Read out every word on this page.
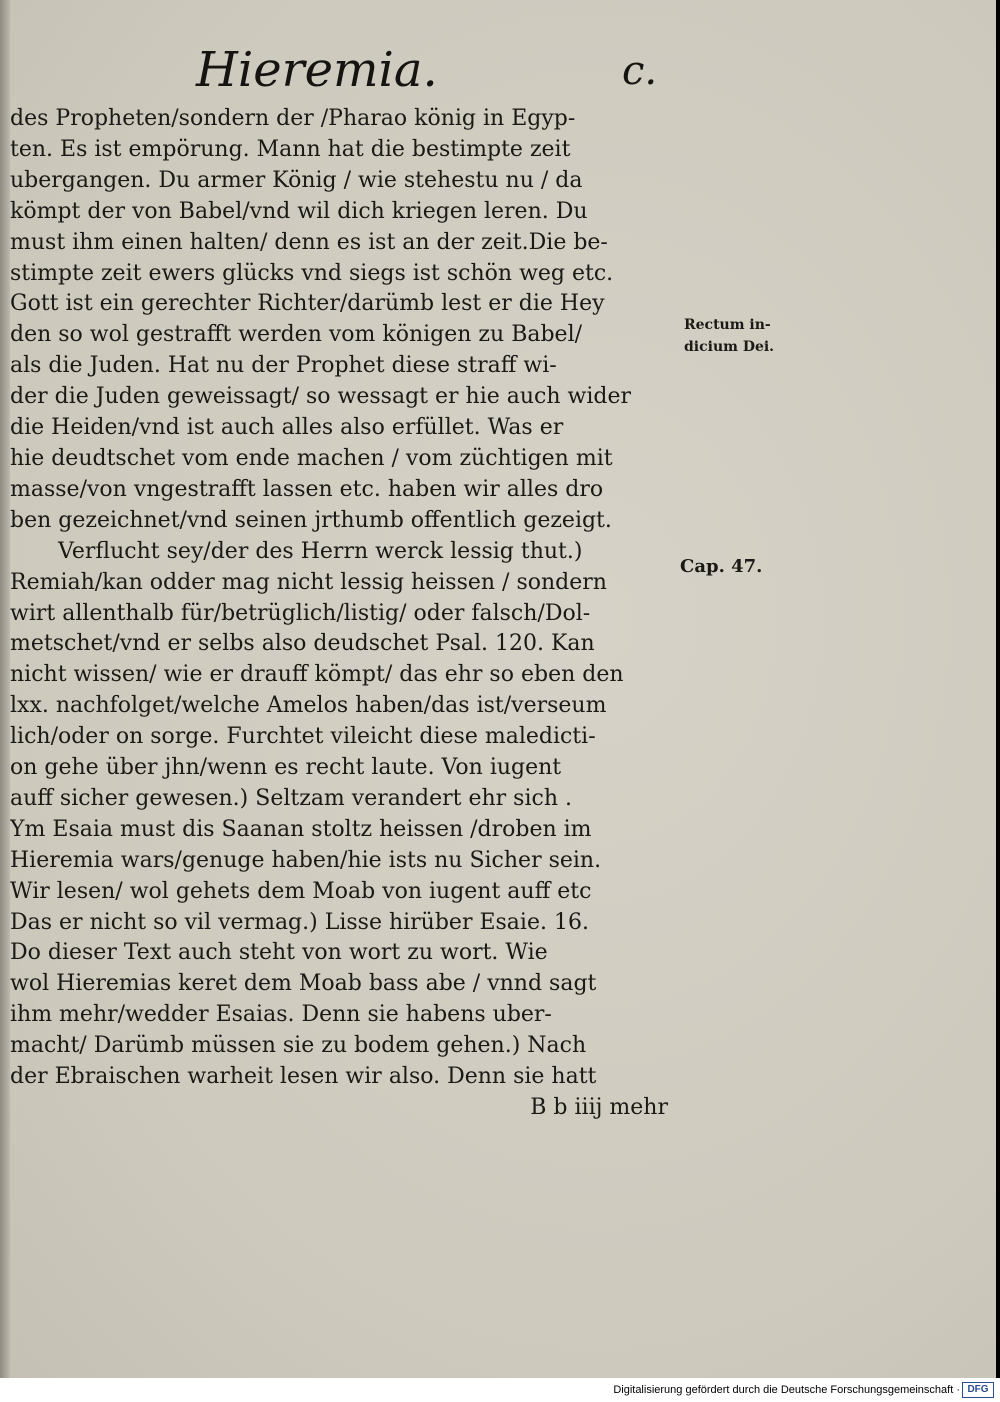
Hieremia.	c.
des Propheten/sondern der /Pharao könig in Egyp-
ten. Es ist empörung. Mann hat die bestimpte zeit
ubergangen. Du armer König / wie stehestu nu / da
kömpt der von Babel/vnd wil dich kriegen leren. Du
must ihm einen halten/ denn es ist an der zeit.Die be-
stimpte zeit ewers glücks vnd siegs ist schön weg etc.
Gott ist ein gerechter Richter/darümb lest er die Hey
den so wol gestrafft werden vom königen zu Babel/
als die Juden. Hat nu der Prophet diese straff wi-
der die Juden geweissagt/ so wessagt er hie auch wider
die Heiden/vnd ist auch alles also erfüllet. Was er
hie deudtschet vom ende machen / vom züchtigen mit
masse/von vngestrafft lassen etc. haben wir alles dro
ben gezeichnet/vnd seinen jrthumb offentlich gezeigt.
Verflucht sey/der des Herrn werck lessig thut.)
Remiah/kan odder mag nicht lessig heissen / sondern
wirt allenthalb für/betrüglich/listig/ oder falsch/Dol-
metschet/vnd er selbs also deudschet Psal. 120. Kan
nicht wissen/ wie er drauff kömpt/ das ehr so eben den
lxx. nachfolget/welche Amelos haben/das ist/verseum
lich/oder on sorge. Furchtet vileicht diese maledicti-
on gehe über jhn/wenn es recht laute. Von iugent
auff sicher gewesen.) Seltzam verandert ehr sich .
Ym Esaia must dis Saanan stoltz heissen /droben im
Hieremia wars/genuge haben/hie ists nu Sicher sein.
Wir lesen/ wol gehets dem Moab von iugent auff etc
Das er nicht so vil vermag.) Lisse hirüber Esaie. 16.
Do dieser Text auch steht von wort zu wort. Wie
wol Hieremias keret dem Moab bass abe / vnnd sagt
ihm mehr/wedder Esaias. Denn sie habens uber-
macht/ Darümb müssen sie zu bodem gehen.) Nach
der Ebraischen warheit lesen wir also. Denn sie hatt
B b iiij mehr
Rectum in-
dicium Dei.
Cap. 47.
Digitalisierung gefördert durch die Deutsche Forschungsgemeinschaft · DFG
